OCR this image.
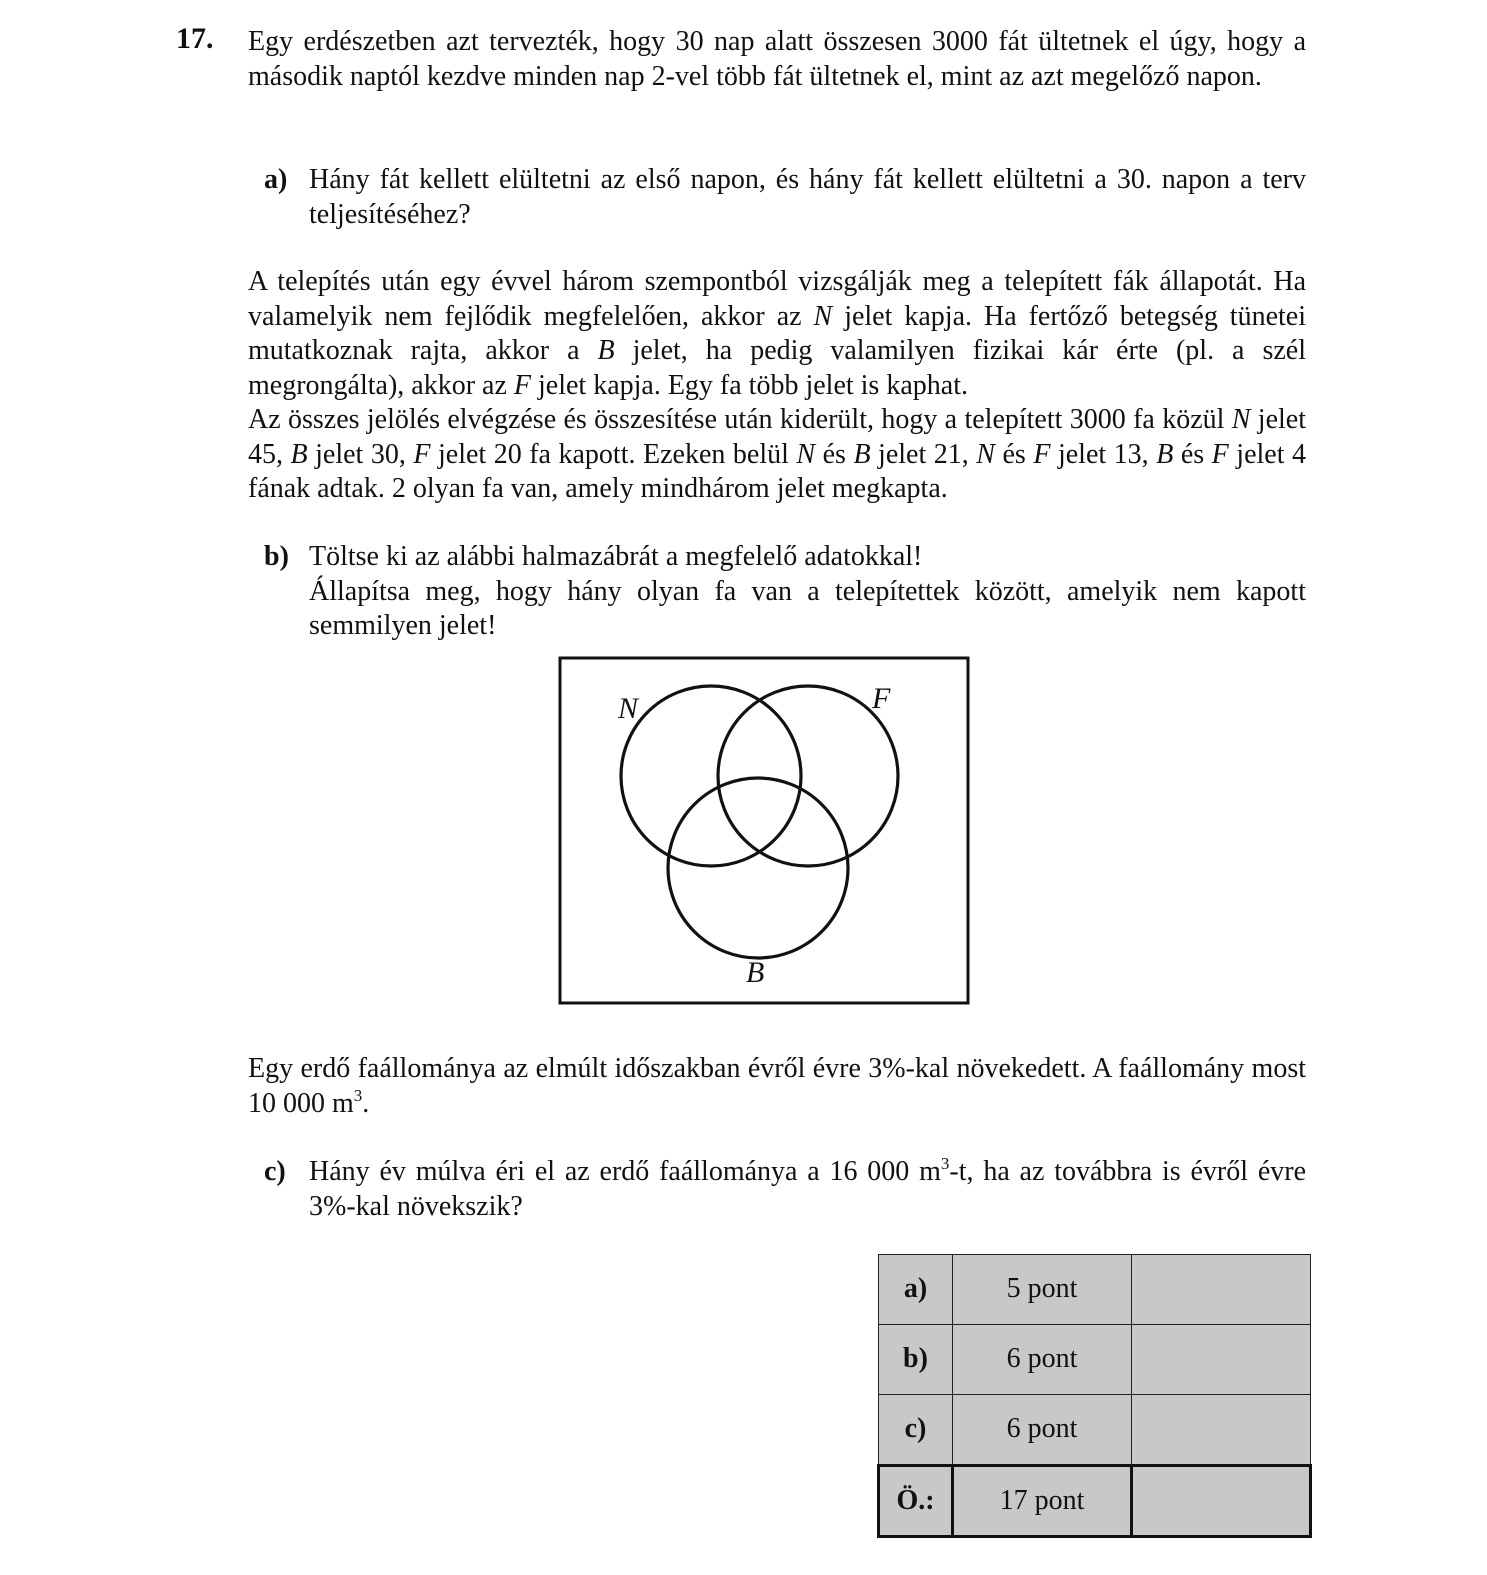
17. Egy erdészetben azt tervezték, hogy 30 nap alatt összesen 3000 fát ültetnek el úgy, hogy a második naptól kezdve minden nap 2-vel több fát ültetnek el, mint az azt megelőző napon.

a) Hány fát kellett elültetni az első napon, és hány fát kellett elültetni a 30. napon a terv teljesítéséhez?

A telepítés után egy évvel három szempontból vizsgálják meg a telepített fák állapotát. Ha valamelyik nem fejlődik megfelelően, akkor az N jelet kapja. Ha fertőző betegség tünetei mutatkoznak rajta, akkor a B jelet, ha pedig valamilyen fizikai kár érte (pl. a szél megrongálta), akkor az F jelet kapja. Egy fa több jelet is kaphat.

Az összes jelölés elvégzése és összesítése után kiderült, hogy a telepített 3000 fa közül N jelet 45, B jelet 30, F jelet 20 fa kapott. Ezeken belül N és B jelet 21, N és F jelet 13, B és F jelet 4 fának adtak. 2 olyan fa van, amely mindhárom jelet megkapta.

b) Töltse ki az alábbi halmazábrát a megfelelő adatokkal!

Állapítsa meg, hogy hány olyan fa van a telepítettek között, amelyik nem kapott semmilyen jelet!

N	F
B

Egy erdő faállománya az elmúlt időszakban évről évre 3%-kal növekedett. A faállomány most 10 000 $m^3$.

c) Hány év múlva éri el az erdő faállománya a 16 000 $m^3-t$, ha az továbbra is évről évre 3%-kal növekszik?

a)	5 pont	
b)	6 pont	
c)	6 pont	
Ö.:	17 pont	
